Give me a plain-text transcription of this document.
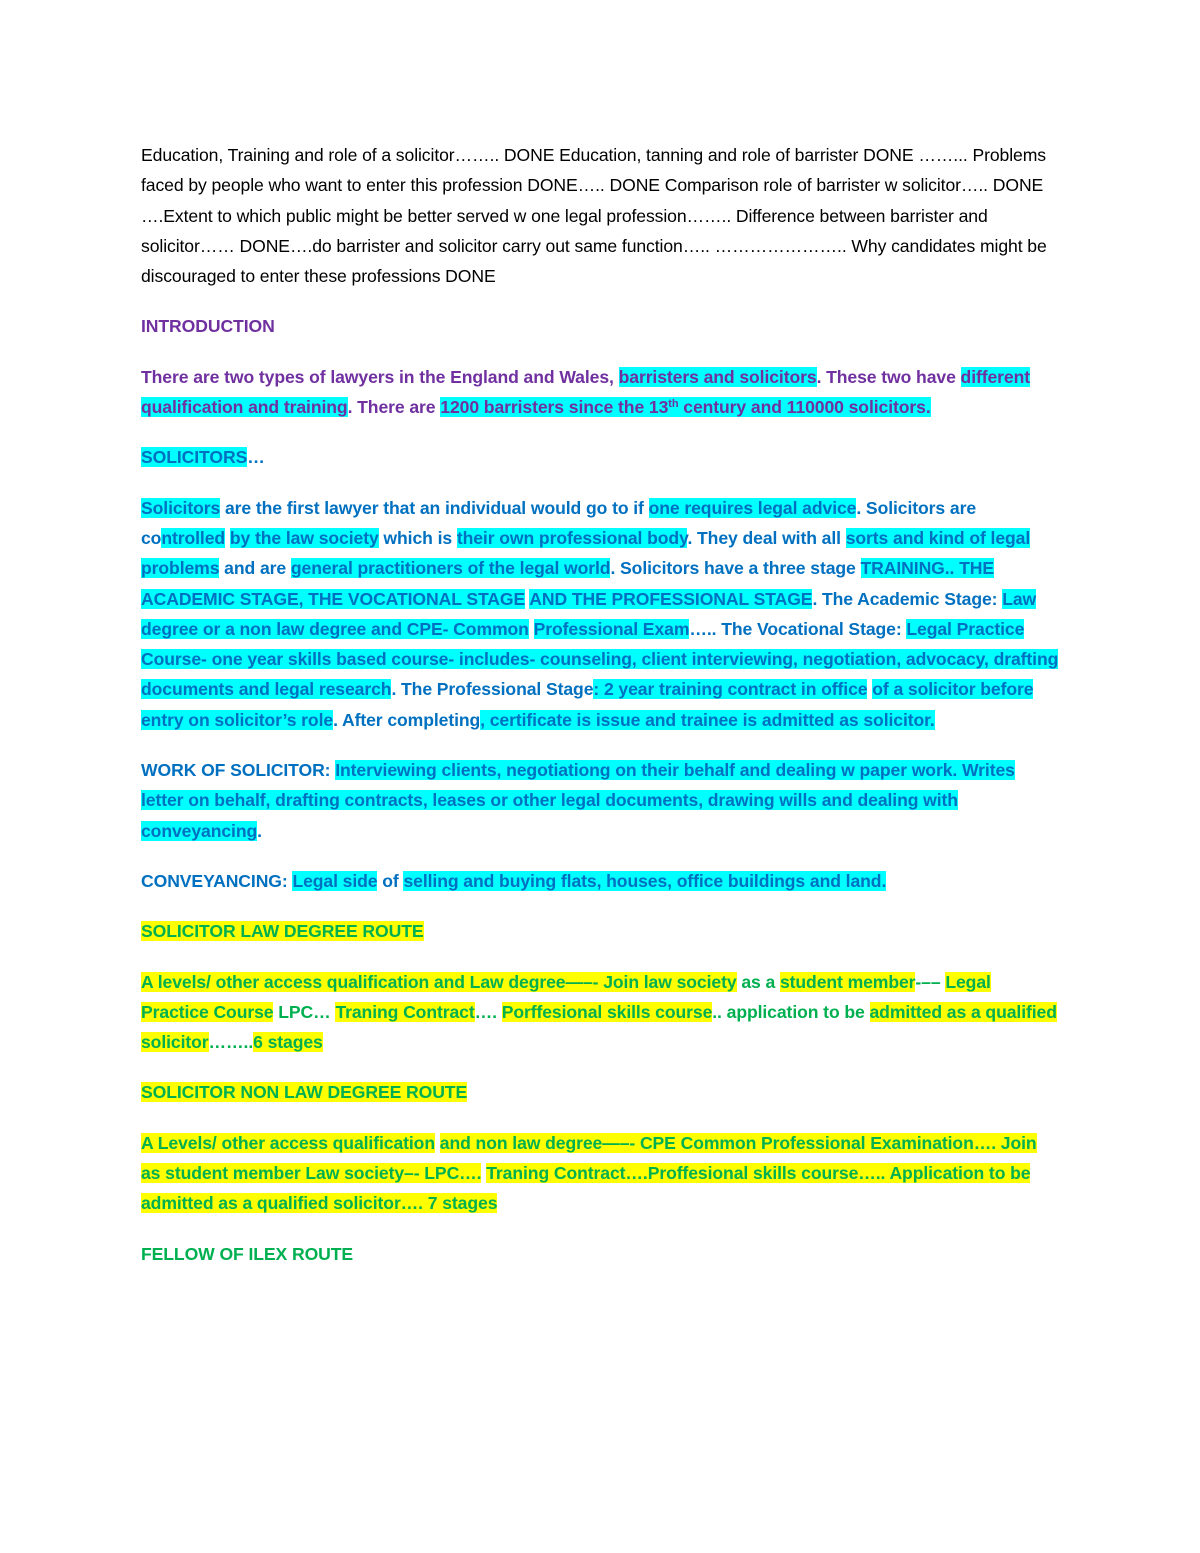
Education, Training and role of a solicitor…….. DONE Education, tanning and role of barrister DONE ……... Problems faced by people who want to enter this profession DONE….. DONE Comparison role of barrister w solicitor….. DONE ….Extent to which public might be better served w one legal profession…….. Difference between barrister and solicitor…… DONE….do barrister and solicitor carry out same function….. ………………….. Why candidates might be discouraged to enter these professions DONE

INTRODUCTION

There are two types of lawyers in the England and Wales, barristers and solicitors. These two have different qualification and training. There are 1200 barristers since the 13th century and 110000 solicitors.

SOLICITORS…

Solicitors are the first lawyer that an individual would go to if one requires legal advice. Solicitors are controlled by the law society which is their own professional body. They deal with all sorts and kind of legal problems and are general practitioners of the legal world. Solicitors have a three stage TRAINING.. THE ACADEMIC STAGE, THE VOCATIONAL STAGE AND THE PROFESSIONAL STAGE. The Academic Stage: Law degree or a non law degree and CPE- Common Professional Exam….. The Vocational Stage: Legal Practice Course- one year skills based course- includes- counseling, client interviewing, negotiation, advocacy, drafting documents and legal research. The Professional Stage: 2 year training contract in office of a solicitor before entry on solicitor’s role. After completing, certificate is issue and trainee is admitted as solicitor.

WORK OF SOLICITOR: Interviewing clients, negotiationg on their behalf and dealing w paper work. Writes letter on behalf, drafting contracts, leases or other legal documents, drawing wills and dealing with conveyancing.

CONVEYANCING: Legal side of selling and buying flats, houses, office buildings and land.

SOLICITOR LAW DEGREE ROUTE

A levels/ other access qualification and Law degree—–- Join law society as a student member-–– Legal Practice Course LPC… Traning Contract…. Porffesional skills course.. application to be admitted as a qualified solicitor……..6 stages

SOLICITOR NON LAW DEGREE ROUTE

A Levels/ other access qualification and non law degree—–- CPE Common Professional Examination…. Join as student member Law society–- LPC…. Traning Contract….Proffesional skills course….. Application to be admitted as a qualified solicitor…. 7 stages

FELLOW OF ILEX ROUTE
